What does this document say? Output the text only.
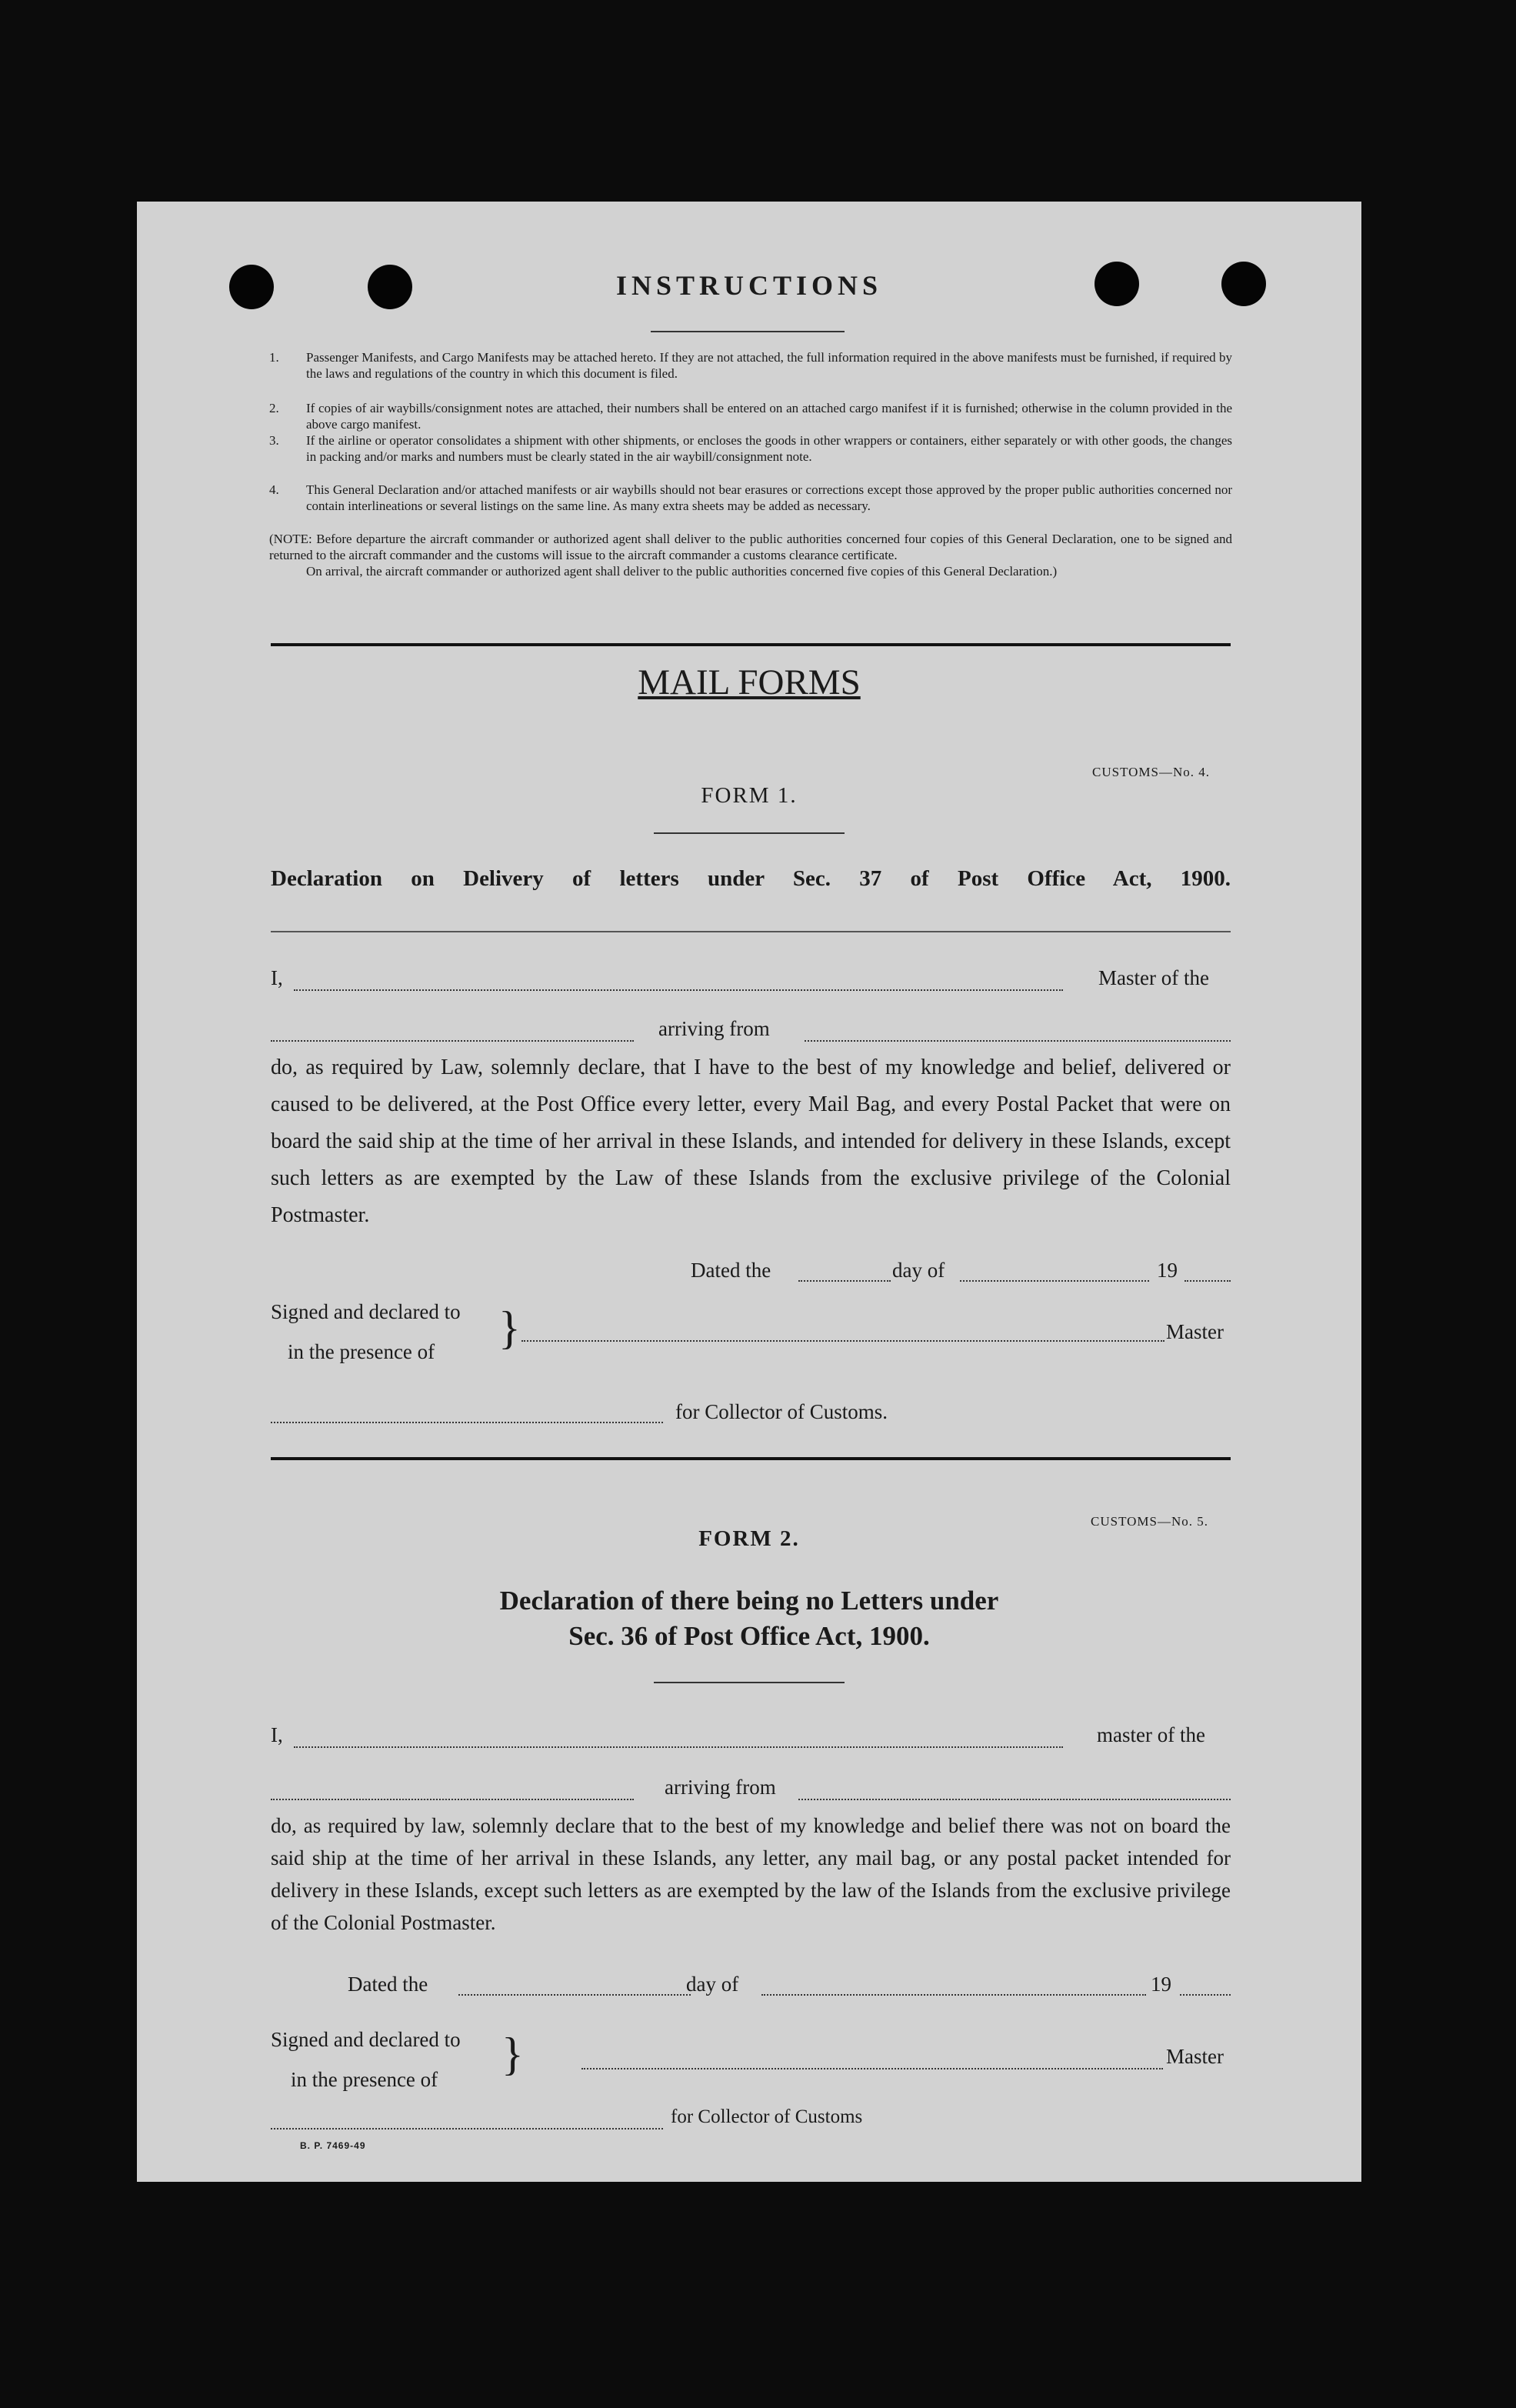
INSTRUCTIONS
1. Passenger Manifests, and Cargo Manifests may be attached hereto. If they are not attached, the full information required in the above manifests must be furnished, if required by the laws and regulations of the country in which this document is filed.
2. If copies of air waybills/consignment notes are attached, their numbers shall be entered on an attached cargo manifest if it is furnished; otherwise in the column provided in the above cargo manifest.
3. If the airline or operator consolidates a shipment with other shipments, or encloses the goods in other wrappers or containers, either separately or with other goods, the changes in packing and/or marks and numbers must be clearly stated in the air waybill/consignment note.
4. This General Declaration and/or attached manifests or air waybills should not bear erasures or corrections except those approved by the proper public authorities concerned nor contain interlineations or several listings on the same line. As many extra sheets may be added as necessary.
(NOTE: Before departure the aircraft commander or authorized agent shall deliver to the public authorities concerned four copies of this General Declaration, one to be signed and returned to the aircraft commander and the customs will issue to the aircraft commander a customs clearance certificate.
On arrival, the aircraft commander or authorized agent shall deliver to the public authorities concerned five copies of this General Declaration.)
MAIL FORMS
CUSTOMS—No. 4.
FORM 1.
Declaration on Delivery of letters under Sec. 37 of Post Office Act, 1900.
I,	Master of the
arriving from
do, as required by Law, solemnly declare, that I have to the best of my knowledge and belief, delivered or caused to be delivered, at the Post Office every letter, every Mail Bag, and every Postal Packet that were on board the said ship at the time of her arrival in these Islands, and intended for delivery in these Islands, except such letters as are exempted by the Law of these Islands from the exclusive privilege of the Colonial Postmaster.
Dated the	day of	19
Signed and declared to
in the presence of }	Master
for Collector of Customs.
CUSTOMS—No. 5.
FORM 2.
Declaration of there being no Letters under
Sec. 36 of Post Office Act, 1900.
I,	master of the
arriving from
do, as required by law, solemnly declare that to the best of my knowledge and belief there was not on board the said ship at the time of her arrival in these Islands, any letter, any mail bag, or any postal packet intended for delivery in these Islands, except such letters as are exempted by the law of the Islands from the exclusive privilege of the Colonial Postmaster.
Dated the	day of	19
Signed and declared to
in the presence of }	Master
for Collector of Customs
B. P. 7469-49
